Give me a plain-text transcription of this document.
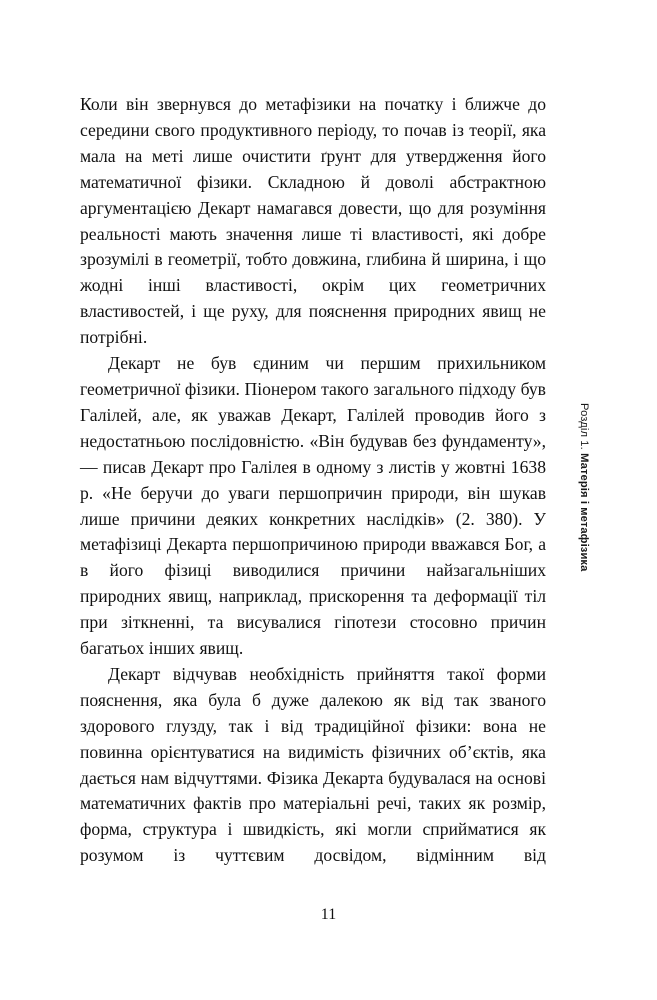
Коли він звернувся до метафізики на початку і ближче до середини свого продуктивного періоду, то почав із теорії, яка мала на меті лише очистити ґрунт для утвердження його математичної фізики. Складною й доволі абстрактною аргументацією Декарт намагався довести, що для розуміння реальності мають значення лише ті властивості, які добре зрозумілі в геометрії, тобто довжина, глибина й ширина, і що жодні інші властивості, окрім цих геометричних властивостей, і ще руху, для пояснення природних явищ не потрібні.

Декарт не був єдиним чи першим прихильником геометричної фізики. Піонером такого загального підходу був Галілей, але, як уважав Декарт, Галілей проводив його з недостатньою послідовністю. «Він будував без фундаменту», — писав Декарт про Галілея в одному з листів у жовтні 1638 р. «Не беручи до уваги першопричин природи, він шукав лише причини деяких конкретних наслідків» (2. 380). У метафізиці Декарта першопричиною природи вважався Бог, а в його фізиці виводилися причини найзагальніших природних явищ, наприклад, прискорення та деформації тіл при зіткненні, та висувалися гіпотези стосовно причин багатьох інших явищ.

Декарт відчував необхідність прийняття такої форми пояснення, яка була б дуже далекою як від так званого здорового глузду, так і від традиційної фізики: вона не повинна орієнтуватися на видимість фізичних об’єктів, яка дається нам відчуттями. Фізика Декарта будувалася на основі математичних фактів про матеріальні речі, таких як розмір, форма, структура і швидкість, які могли сприйматися як розумом із чуттєвим досвідом, відмінним від

Розділ 1. Матерія і метафізика
11
